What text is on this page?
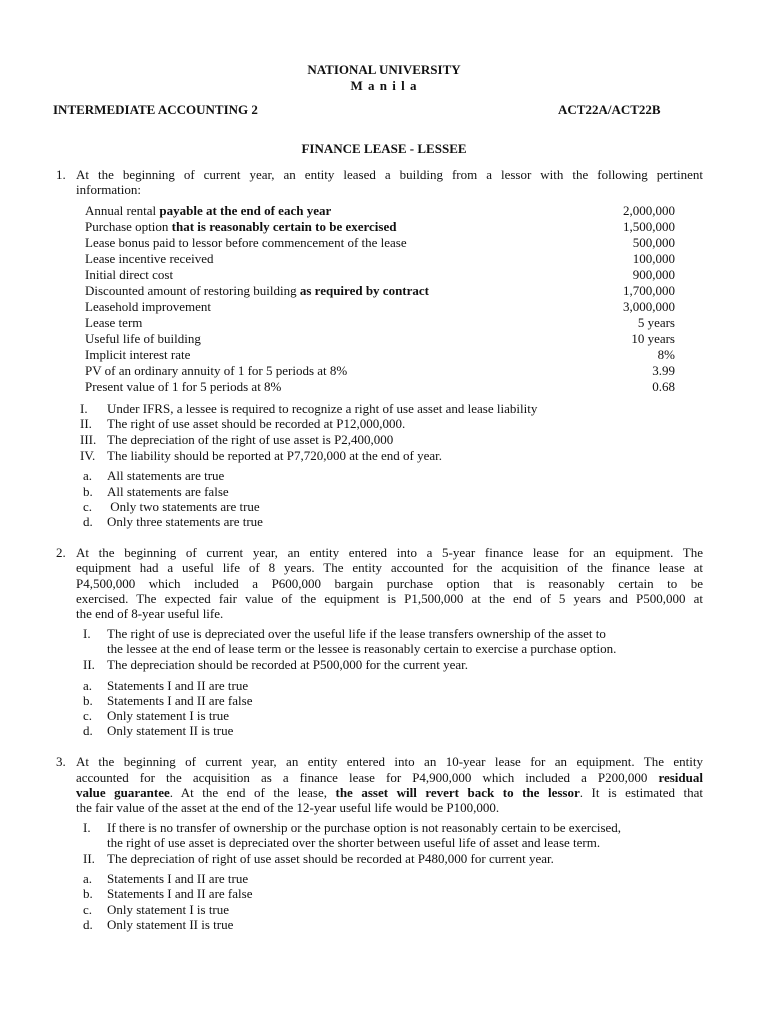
NATIONAL UNIVERSITY
M a n i l a
INTERMEDIATE ACCOUNTING 2	ACT22A/ACT22B
FINANCE LEASE - LESSEE
1. At the beginning of current year, an entity leased a building from a lessor with the following pertinent
information:
Annual rental payable at the end of each year	2,000,000
Purchase option that is reasonably certain to be exercised	1,500,000
Lease bonus paid to lessor before commencement of the lease	500,000
Lease incentive received	100,000
Initial direct cost	900,000
Discounted amount of restoring building as required by contract	1,700,000
Leasehold improvement	3,000,000
Lease term	5 years
Useful life of building	10 years
Implicit interest rate	8%
PV of an ordinary annuity of 1 for 5 periods at 8%	3.99
Present value of 1 for 5 periods at 8%	0.68
I. Under IFRS, a lessee is required to recognize a right of use asset and lease liability
II. The right of use asset should be recorded at P12,000,000.
III. The depreciation of the right of use asset is P2,400,000
IV. The liability should be reported at P7,720,000 at the end of year.
a. All statements are true
b. All statements are false
c. Only two statements are true
d. Only three statements are true
2. At the beginning of current year, an entity entered into a 5-year finance lease for an equipment. The
equipment had a useful life of 8 years. The entity accounted for the acquisition of the finance lease at
P4,500,000 which included a P600,000 bargain purchase option that is reasonably certain to be
exercised. The expected fair value of the equipment is P1,500,000 at the end of 5 years and P500,000 at
the end of 8-year useful life.
I. The right of use is depreciated over the useful life if the lease transfers ownership of the asset to
the lessee at the end of lease term or the lessee is reasonably certain to exercise a purchase option.
II. The depreciation should be recorded at P500,000 for the current year.
a. Statements I and II are true
b. Statements I and II are false
c. Only statement I is true
d. Only statement II is true
3. At the beginning of current year, an entity entered into an 10-year lease for an equipment. The entity
accounted for the acquisition as a finance lease for P4,900,000 which included a P200,000 residual
value guarantee. At the end of the lease, the asset will revert back to the lessor. It is estimated that
the fair value of the asset at the end of the 12-year useful life would be P100,000.
I. If there is no transfer of ownership or the purchase option is not reasonably certain to be exercised,
the right of use asset is depreciated over the shorter between useful life of asset and lease term.
II. The depreciation of right of use asset should be recorded at P480,000 for current year.
a. Statements I and II are true
b. Statements I and II are false
c. Only statement I is true
d. Only statement II is true
